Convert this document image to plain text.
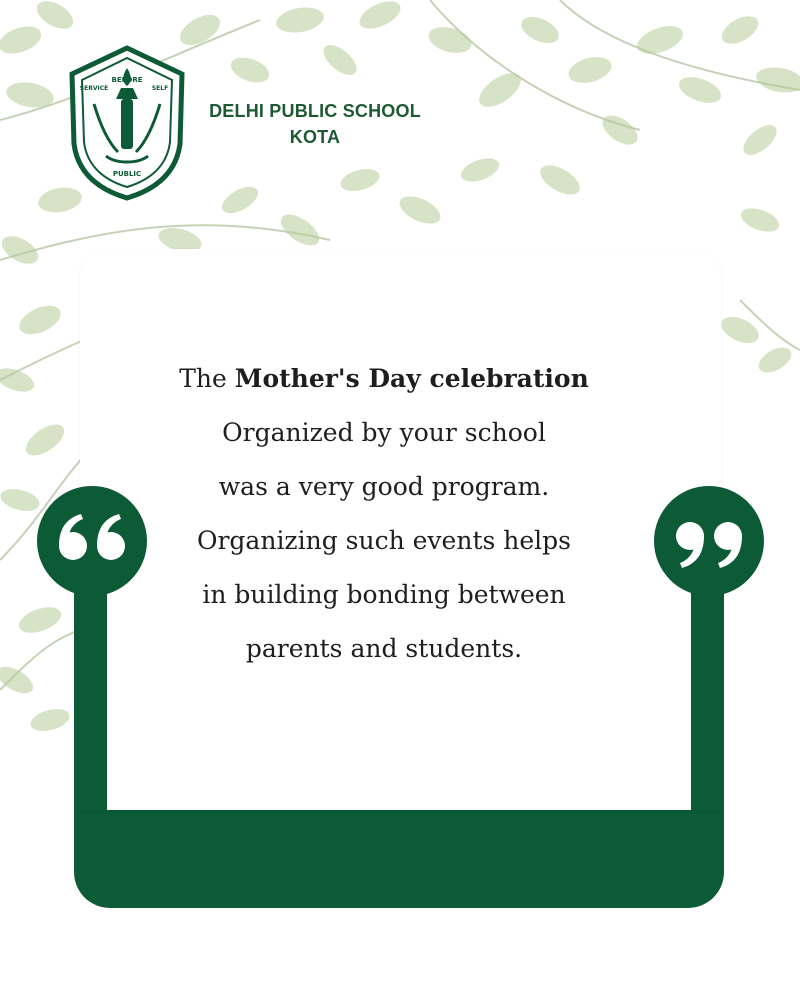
BEFORE
SERVICE	SELF
PUBLIC
DELHI PUBLIC SCHOOL
KOTA
The Mother's Day celebration
Organized by your school
was a very good program.
Organizing such events helps
in building bonding between
parents and students.
